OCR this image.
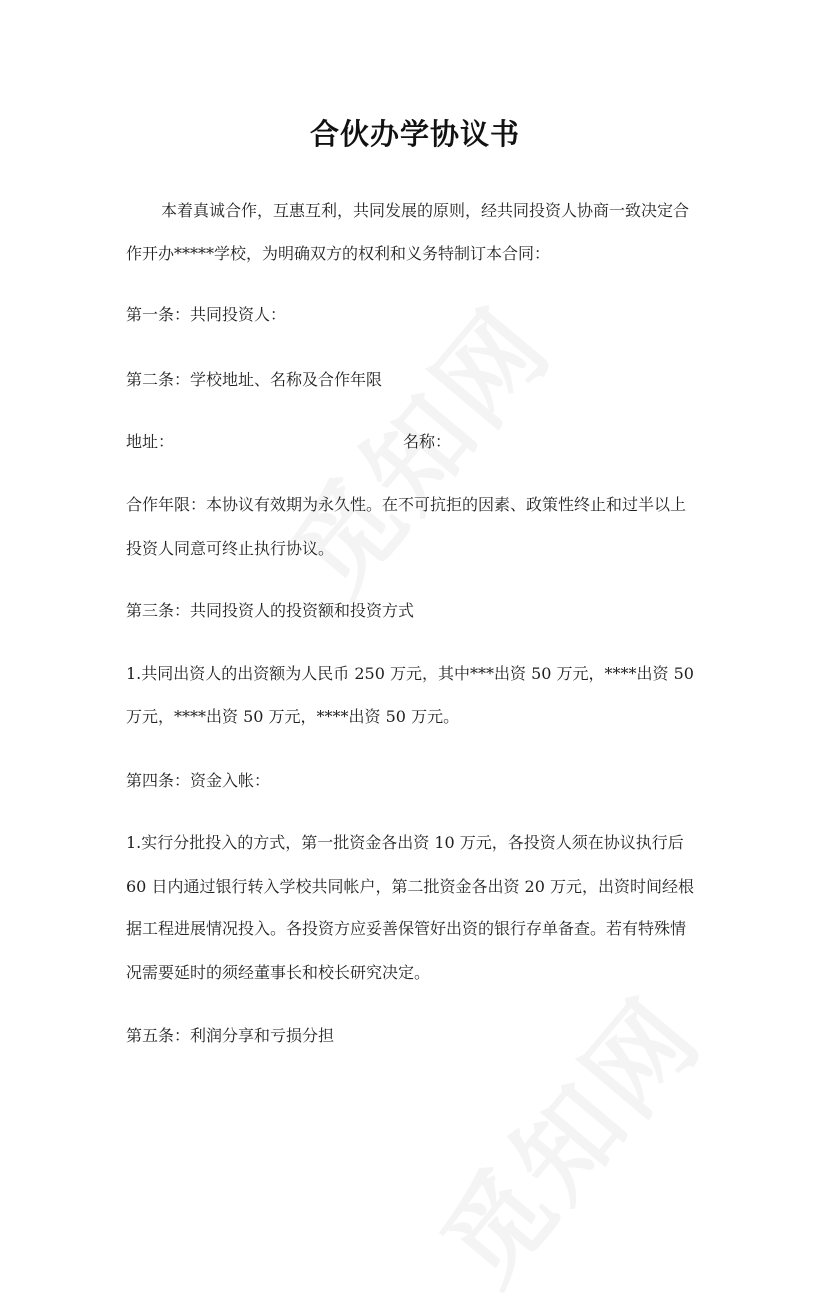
合伙办学协议书
本着真诚合作，互惠互利，共同发展的原则，经共同投资人协商一致决定合
作开办*****学校，为明确双方的权利和义务特制订本合同：
第一条：共同投资人：
第二条：学校地址、名称及合作年限
地址：	名称：
合作年限：本协议有效期为永久性。在不可抗拒的因素、政策性终止和过半以上
投资人同意可终止执行协议。
第三条：共同投资人的投资额和投资方式
1.共同出资人的出资额为人民币 250 万元，其中***出资 50 万元，****出资 50
万元，****出资 50 万元，****出资 50 万元。
第四条：资金入帐：
1.实行分批投入的方式，第一批资金各出资 10 万元，各投资人须在协议执行后
60 日内通过银行转入学校共同帐户，第二批资金各出资 20 万元，出资时间经根
据工程进展情况投入。各投资方应妥善保管好出资的银行存单备查。若有特殊情
况需要延时的须经董事长和校长研究决定。
第五条：利润分享和亏损分担
